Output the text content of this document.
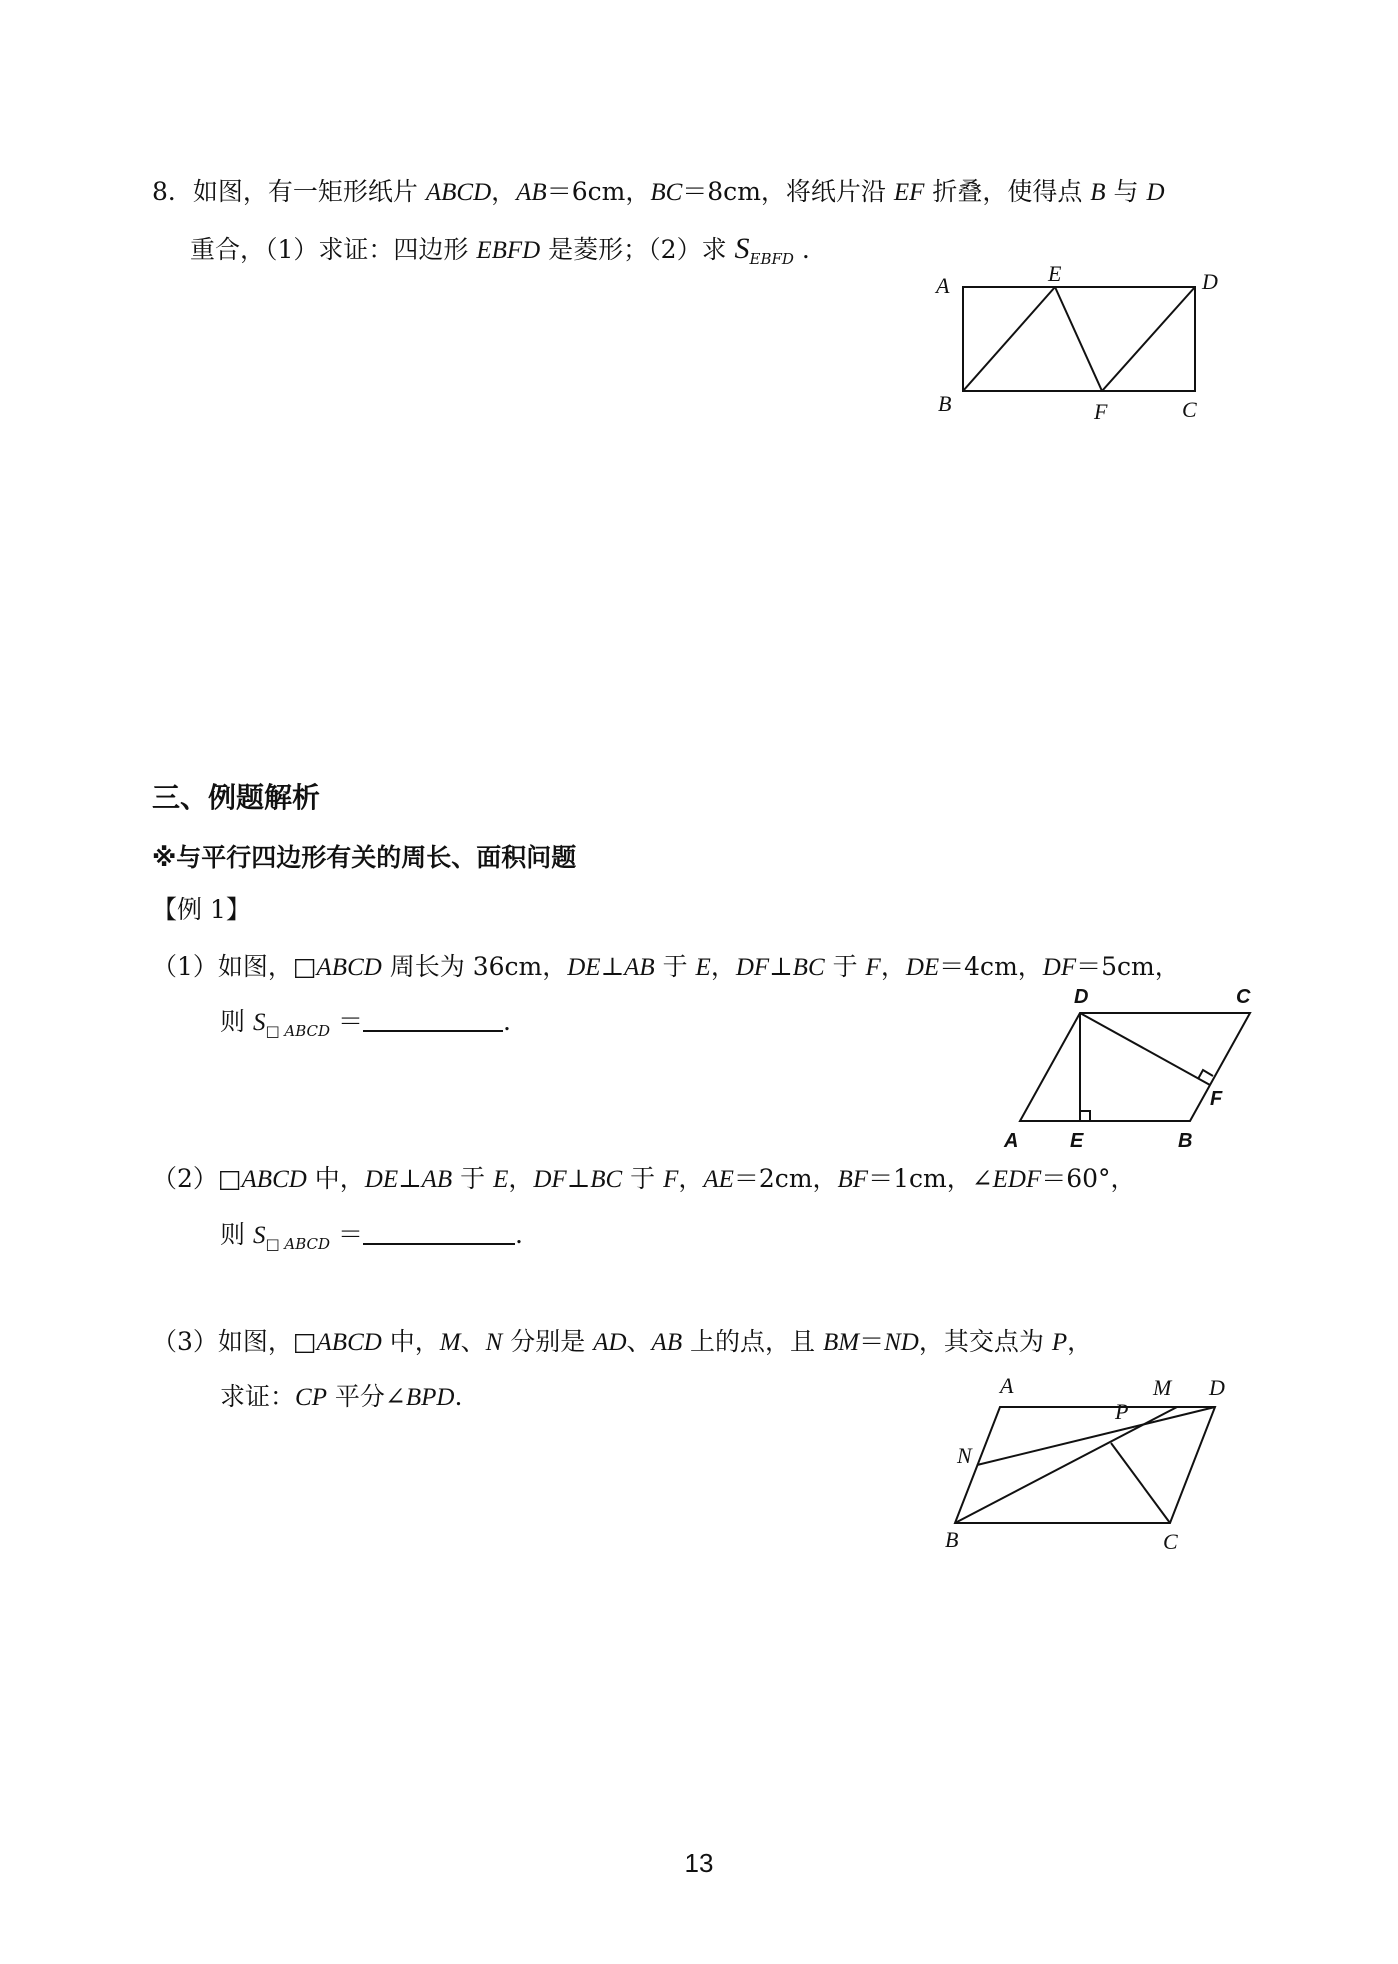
8．如图，有一矩形纸片 ABCD，AB＝6cm，BC＝8cm，将纸片沿 EF 折叠，使得点 B 与 D
重合，（1）求证：四边形 EBFD 是菱形；（2）求 $S_{EBFD}$ .
A	E	D
B	F	C
三、例题解析
※与平行四边形有关的周长、面积问题
【例 1】
（1）如图，□ABCD 周长为 36cm，DE⊥AB 于 E，DF⊥BC 于 F，DE＝4cm，DF＝5cm，
则 $S_{□ ABCD}$ ＝	.
D	C
F
A	E	B
（2）□ABCD 中，DE⊥AB 于 E，DF⊥BC 于 F，AE＝2cm，BF＝1cm，∠EDF＝60°，
则 $S_{□ ABCD}$ ＝	.
（3）如图，□ABCD 中，M、N 分别是 AD、AB 上的点，且 BM＝ND，其交点为 P，
求证：CP 平分∠BPD.	A	M D
P
N
B	C
13
